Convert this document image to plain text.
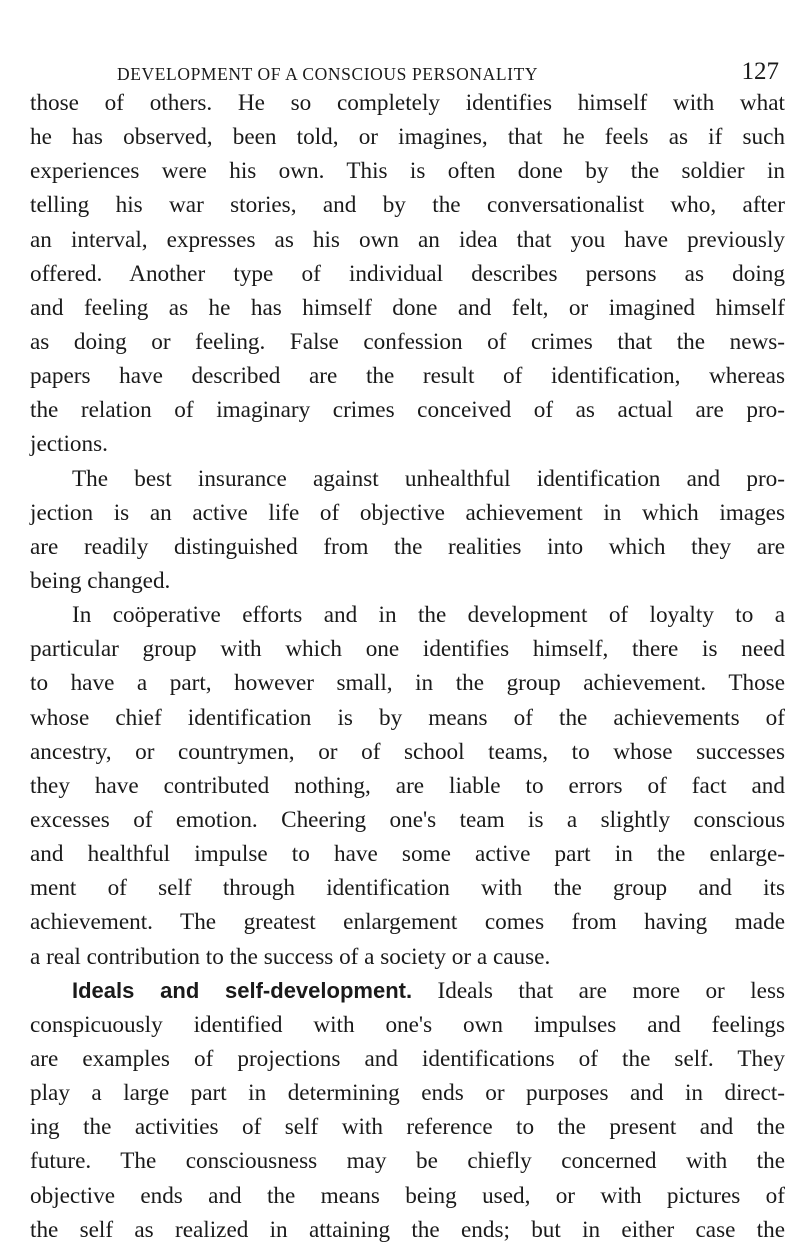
DEVELOPMENT OF A CONSCIOUS PERSONALITY	127
those of others. He so completely identifies himself with what
he has observed, been told, or imagines, that he feels as if such
experiences were his own. This is often done by the soldier in
telling his war stories, and by the conversationalist who, after
an interval, expresses as his own an idea that you have previously
offered. Another type of individual describes persons as doing
and feeling as he has himself done and felt, or imagined himself
as doing or feeling. False confession of crimes that the news-
papers have described are the result of identification, whereas
the relation of imaginary crimes conceived of as actual are pro-
jections.
The best insurance against unhealthful identification and pro-
jection is an active life of objective achievement in which images
are readily distinguished from the realities into which they are
being changed.
In coöperative efforts and in the development of loyalty to a
particular group with which one identifies himself, there is need
to have a part, however small, in the group achievement. Those
whose chief identification is by means of the achievements of
ancestry, or countrymen, or of school teams, to whose successes
they have contributed nothing, are liable to errors of fact and
excesses of emotion. Cheering one's team is a slightly conscious
and healthful impulse to have some active part in the enlarge-
ment of self through identification with the group and its
achievement. The greatest enlargement comes from having made
a real contribution to the success of a society or a cause.
Ideals and self-development. Ideals that are more or less
conspicuously identified with one's own impulses and feelings
are examples of projections and identifications of the self. They
play a large part in determining ends or purposes and in direct-
ing the activities of self with reference to the present and the
future. The consciousness may be chiefly concerned with the
objective ends and the means being used, or with pictures of
the self as realized in attaining the ends; but in either case the
